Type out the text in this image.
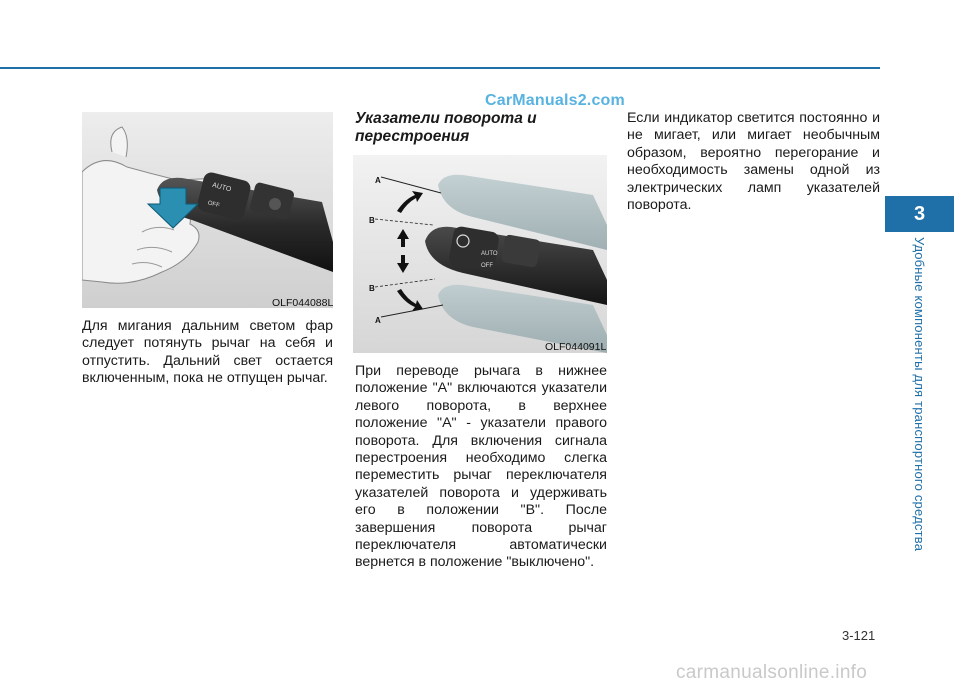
CarManuals2.com
AUTO
OFF
OLF044088L

Для мигания дальним светом фар следует потянуть рычаг на себя и отпустить. Дальний свет остается включенным, пока не отпущен рычаг.

Указатели поворота и перестроения
AUTO
OFF
A
B
B
A
OLF044091L

При переводе рычага в нижнее положение "A" включаются указатели левого поворота, в верхнее положение "A" - указатели правого поворота. Для включения сигнала перестроения необходимо слегка переместить рычаг переключателя указателей поворота и удерживать его в положении "B". После завершения поворота рычаг переключателя автоматически вернется в положение "выключено".

Если индикатор светится постоянно и не мигает, или мигает необычным образом, вероятно перегорание и необходимость замены одной из электрических ламп указателей поворота.	3
Удобные компоненты для транспортного средства
3-121
carmanualsonline.info
